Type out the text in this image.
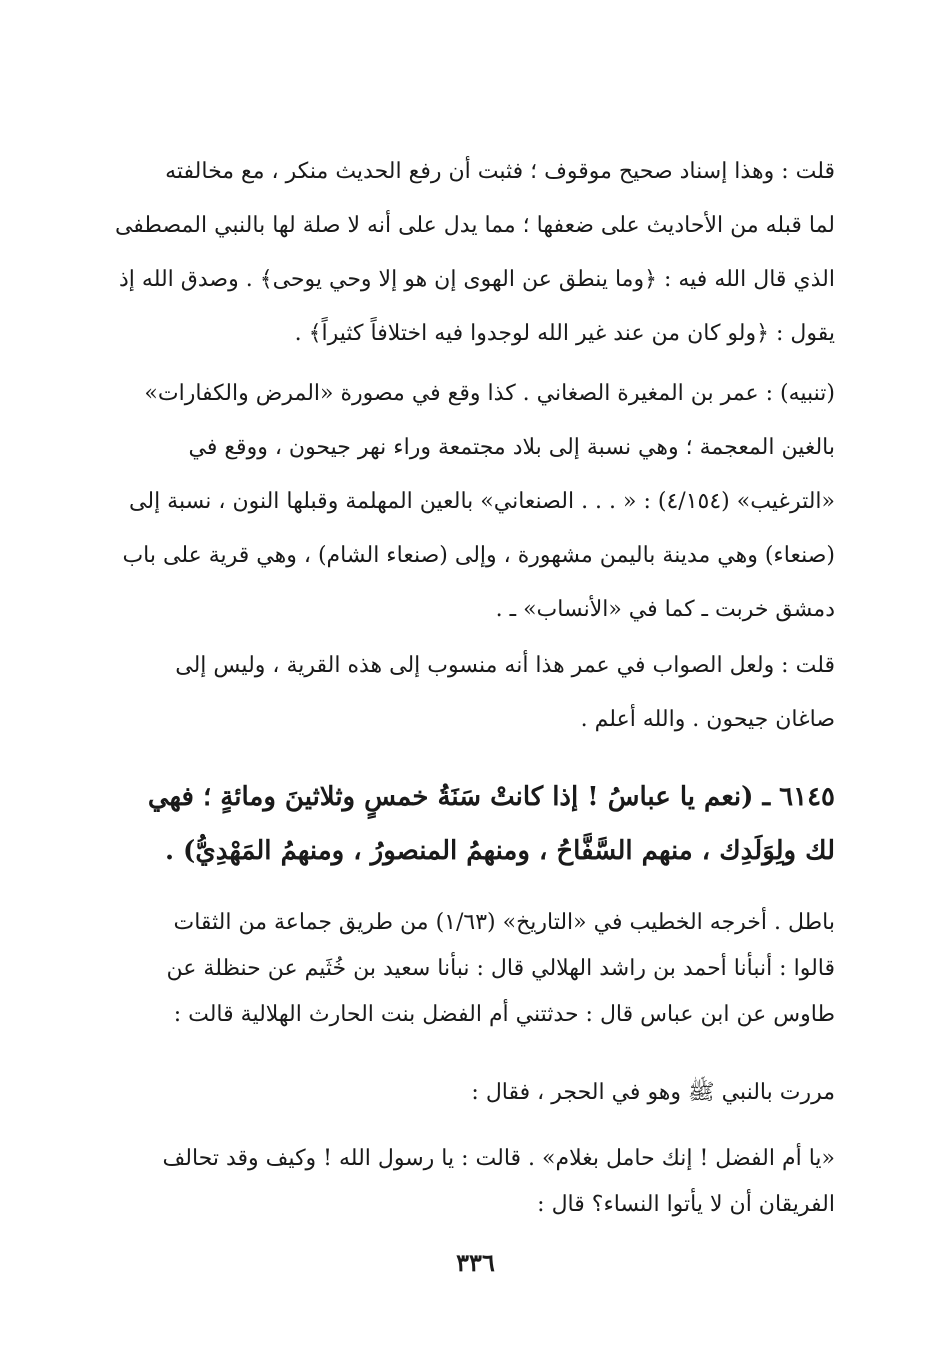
قلت : وهذا إسناد صحيح موقوف ؛ فثبت أن رفع الحديث منكر ، مع مخالفته
لما قبله من الأحاديث على ضعفها ؛ مما يدل على أنه لا صلة لها بالنبي المصطفى
الذي قال الله فيه : ﴿وما ينطق عن الهوى إن هو إلا وحي يوحى﴾ . وصدق الله إذ
يقول : ﴿ولو كان من عند غير الله لوجدوا فيه اختلافاً كثيراً﴾ .
(تنبيه) : عمر بن المغيرة الصغاني . كذا وقع في مصورة «المرض والكفارات»
بالغين المعجمة ؛ وهي نسبة إلى بلاد مجتمعة وراء نهر جيحون ، ووقع في
«الترغيب» (٤/١٥٤) : « . . . الصنعاني» بالعين المهلمة وقبلها النون ، نسبة إلى
(صنعاء) وهي مدينة باليمن مشهورة ، وإلى (صنعاء الشام) ، وهي قرية على باب
دمشق خربت ـ كما في «الأنساب» ـ .
قلت : ولعل الصواب في عمر هذا أنه منسوب إلى هذه القرية ، وليس إلى
صاغان جيحون . والله أعلم .
٦١٤٥ ـ (نعم يا عباسُ ! إذا كانتْ سَنَةُ خمسٍ وثلاثينَ ومائةٍ ؛ فهي
لك ولِوَلَدِك ، منهم السَّفَّاحُ ، ومنهمُ المنصورُ ، ومنهمُ المَهْدِيُّ) .
باطل . أخرجه الخطيب في «التاريخ» (١/٦٣) من طريق جماعة من الثقات
قالوا : أنبأنا أحمد بن راشد الهلالي قال : نبأنا سعيد بن خُثَيم عن حنظلة عن
طاوس عن ابن عباس قال : حدثتني أم الفضل بنت الحارث الهلالية قالت :
مررت بالنبي ﷺ وهو في الحجر ، فقال :
«يا أم الفضل ! إنك حامل بغلام» . قالت : يا رسول الله ! وكيف وقد تحالف
الفريقان أن لا يأتوا النساء؟ قال :
٣٣٦
